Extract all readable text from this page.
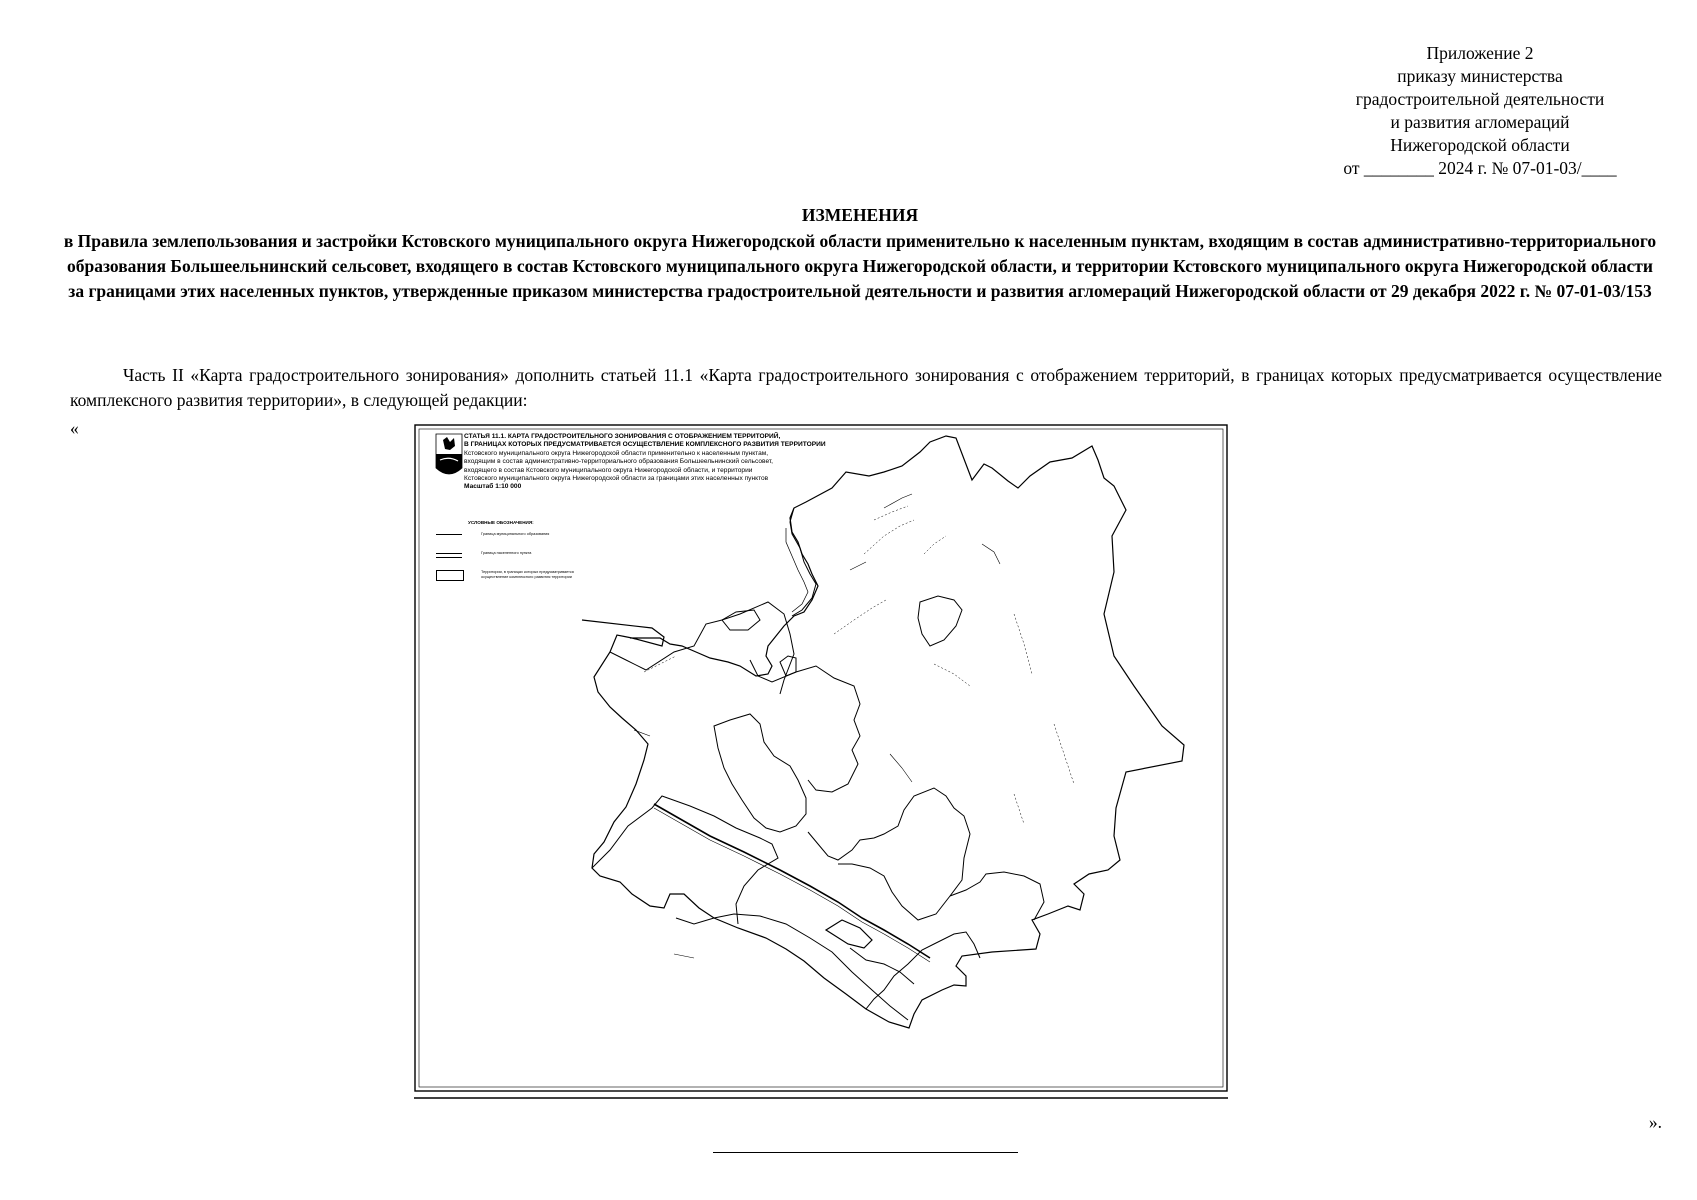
Приложение 2
приказу министерства
градостроительной деятельности
и развития агломераций
Нижегородской области
от ________ 2024 г. № 07-01-03/____
ИЗМЕНЕНИЯ
в Правила землепользования и застройки Кстовского муниципального округа Нижегородской области применительно к населенным пунктам, входящим в состав административно-территориального образования Большеельнинский сельсовет, входящего в состав Кстовского муниципального округа Нижегородской области, и территории Кстовского муниципального округа Нижегородской области за границами этих населенных пунктов, утвержденные приказом министерства градостроительной деятельности и развития агломераций Нижегородской области от 29 декабря 2022 г. № 07-01-03/153
Часть II «Карта градостроительного зонирования» дополнить статьей 11.1 «Карта градостроительного зонирования с отображением территорий, в границах которых предусматривается осуществление комплексного развития территории», в следующей редакции:
«	СТАТЬЯ 11.1. КАРТА ГРАДОСТРОИТЕЛЬНОГО ЗОНИРОВАНИЯ С ОТОБРАЖЕНИЕМ ТЕРРИТОРИЙ,
В ГРАНИЦАХ КОТОРЫХ ПРЕДУСМАТРИВАЕТСЯ ОСУЩЕСТВЛЕНИЕ КОМПЛЕКСНОГО РАЗВИТИЯ ТЕРРИТОРИИ
Кстовского муниципального округа Нижегородской области применительно к населенным пунктам,
входящим в состав административно-территориального образования Большеельнинский сельсовет,
входящего в состав Кстовского муниципального округа Нижегородской области, и территории
Кстовского муниципального округа Нижегородской области за границами этих населенных пунктов
Масштаб 1:10 000
УСЛОВНЫЕ ОБОЗНАЧЕНИЯ:
Граница муниципального образования
Граница населенного пункта
Территории, в границах которых предусматривается осуществление комплексного развития территории
».
